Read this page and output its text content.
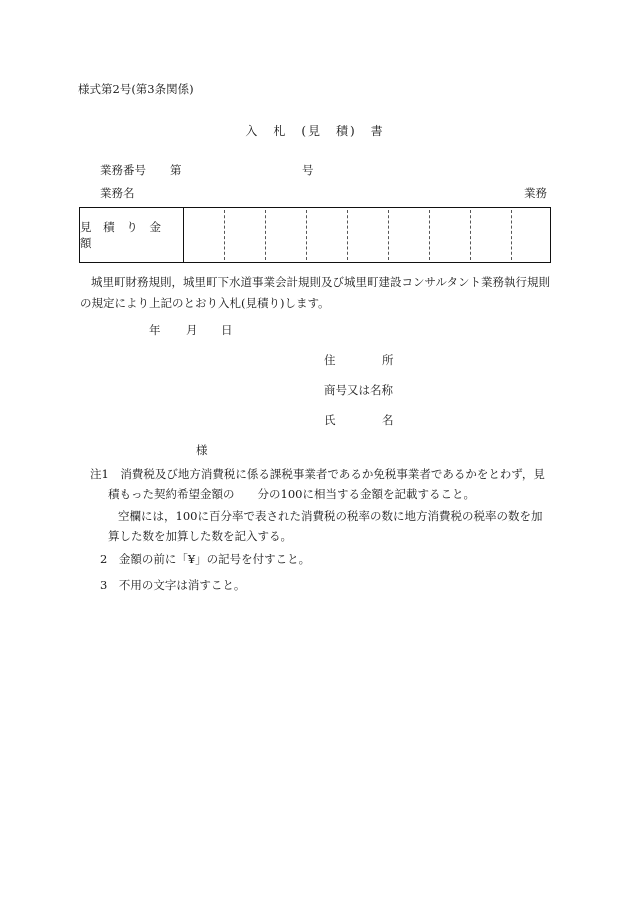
様式第2号(第3条関係)
入　札　(見　積)　書
業務番号 第	号
業務名	業務
見 積 り 金 額
城里町財務規則，城里町下水道事業会計規則及び城里町建設コンサルタント業務執行規則の規定により上記のとおり入札(見積り)します。
年 月 日
住	所
商号又は名称
氏	名
様
注1　消費税及び地方消費税に係る課税事業者であるか免税事業者であるかをとわず，見
積もった契約希望金額の　　分の100に相当する金額を記載すること。
空欄には，100に百分率で表された消費税の税率の数に地方消費税の税率の数を加
算した数を加算した数を記入する。
2　金額の前に「¥」の記号を付すこと。
3　不用の文字は消すこと。
